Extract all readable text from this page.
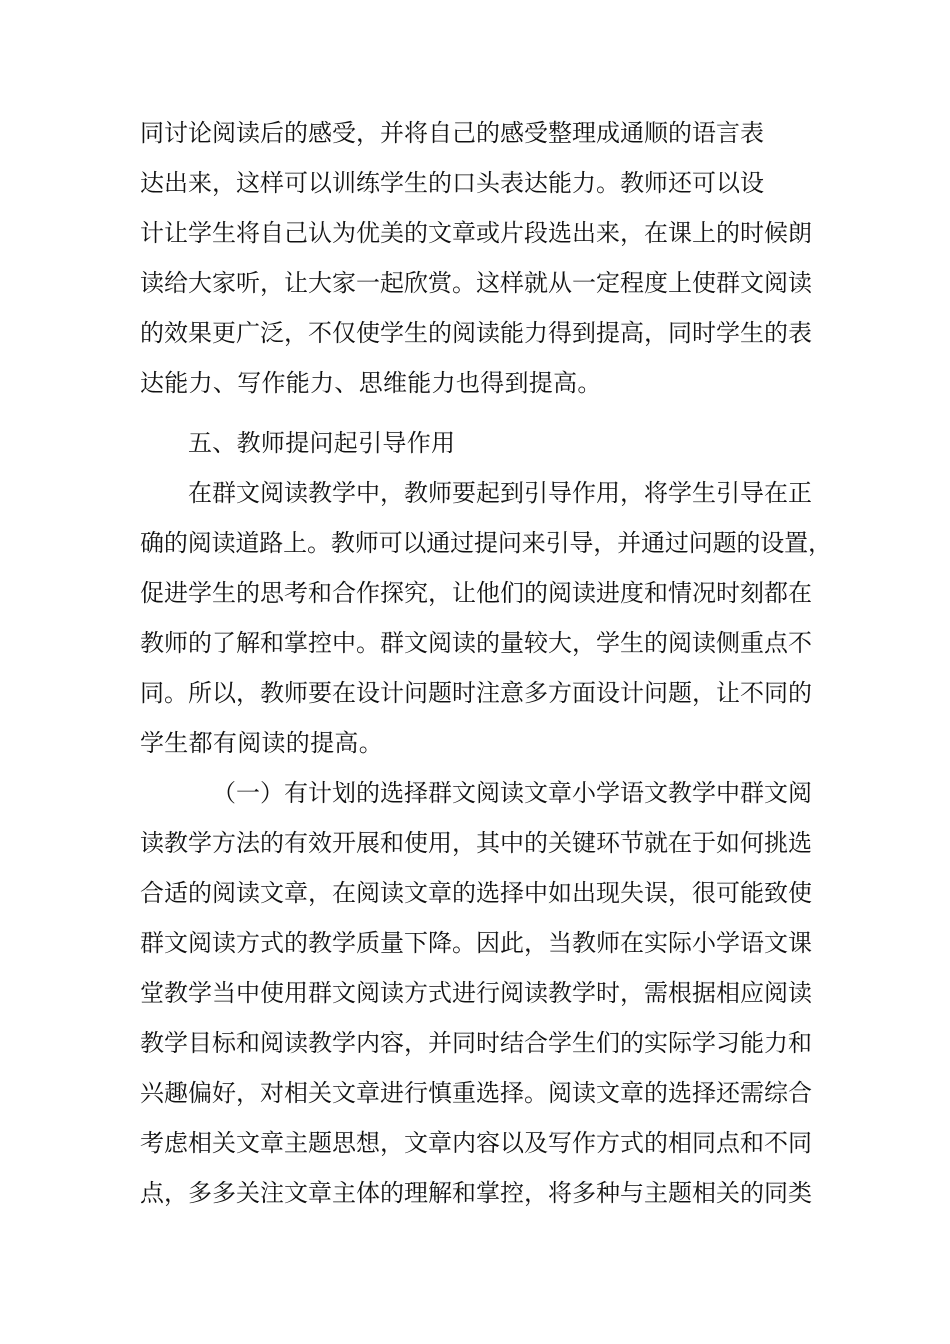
同讨论阅读后的感受，并将自己的感受整理成通顺的语言表
达出来，这样可以训练学生的口头表达能力。教师还可以设
计让学生将自己认为优美的文章或片段选出来，在课上的时候朗
读给大家听，让大家一起欣赏。这样就从一定程度上使群文阅读
的效果更广泛，不仅使学生的阅读能力得到提高，同时学生的表
达能力、写作能力、思维能力也得到提高。
五、教师提问起引导作用
在群文阅读教学中，教师要起到引导作用，将学生引导在正
确的阅读道路上。教师可以通过提问来引导，并通过问题的设置，
促进学生的思考和合作探究，让他们的阅读进度和情况时刻都在
教师的了解和掌控中。群文阅读的量较大，学生的阅读侧重点不
同。所以，教师要在设计问题时注意多方面设计问题，让不同的
学生都有阅读的提高。
（一）有计划的选择群文阅读文章小学语文教学中群文阅
读教学方法的有效开展和使用，其中的关键环节就在于如何挑选
合适的阅读文章，在阅读文章的选择中如出现失误，很可能致使
群文阅读方式的教学质量下降。因此，当教师在实际小学语文课
堂教学当中使用群文阅读方式进行阅读教学时，需根据相应阅读
教学目标和阅读教学内容，并同时结合学生们的实际学习能力和
兴趣偏好，对相关文章进行慎重选择。阅读文章的选择还需综合
考虑相关文章主题思想，文章内容以及写作方式的相同点和不同
点，多多关注文章主体的理解和掌控，将多种与主题相关的同类
